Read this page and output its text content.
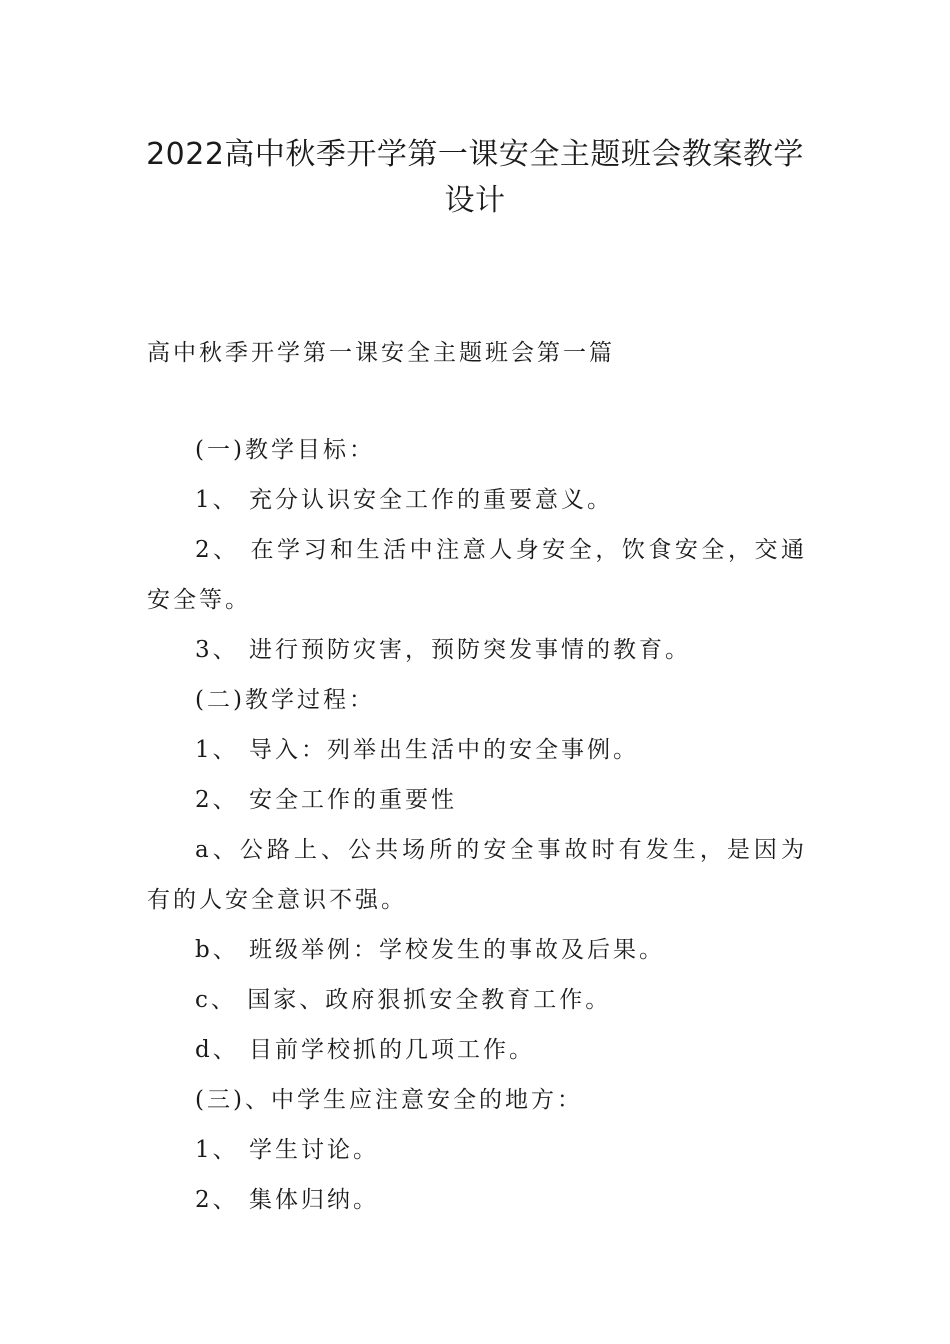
2022高中秋季开学第一课安全主题班会教案教学设计

高中秋季开学第一课安全主题班会第一篇

(一)教学目标：

1、 充分认识安全工作的重要意义。

2、 在学习和生活中注意人身安全，饮食安全，交通安全等。

3、 进行预防灾害，预防突发事情的教育。

(二)教学过程：

1、 导入：列举出生活中的安全事例。

2、 安全工作的重要性

a、公路上、公共场所的安全事故时有发生，是因为有的人安全意识不强。

b、 班级举例：学校发生的事故及后果。

c、 国家、政府狠抓安全教育工作。

d、 目前学校抓的几项工作。

(三)、中学生应注意安全的地方：

1、 学生讨论。

2、 集体归纳。
